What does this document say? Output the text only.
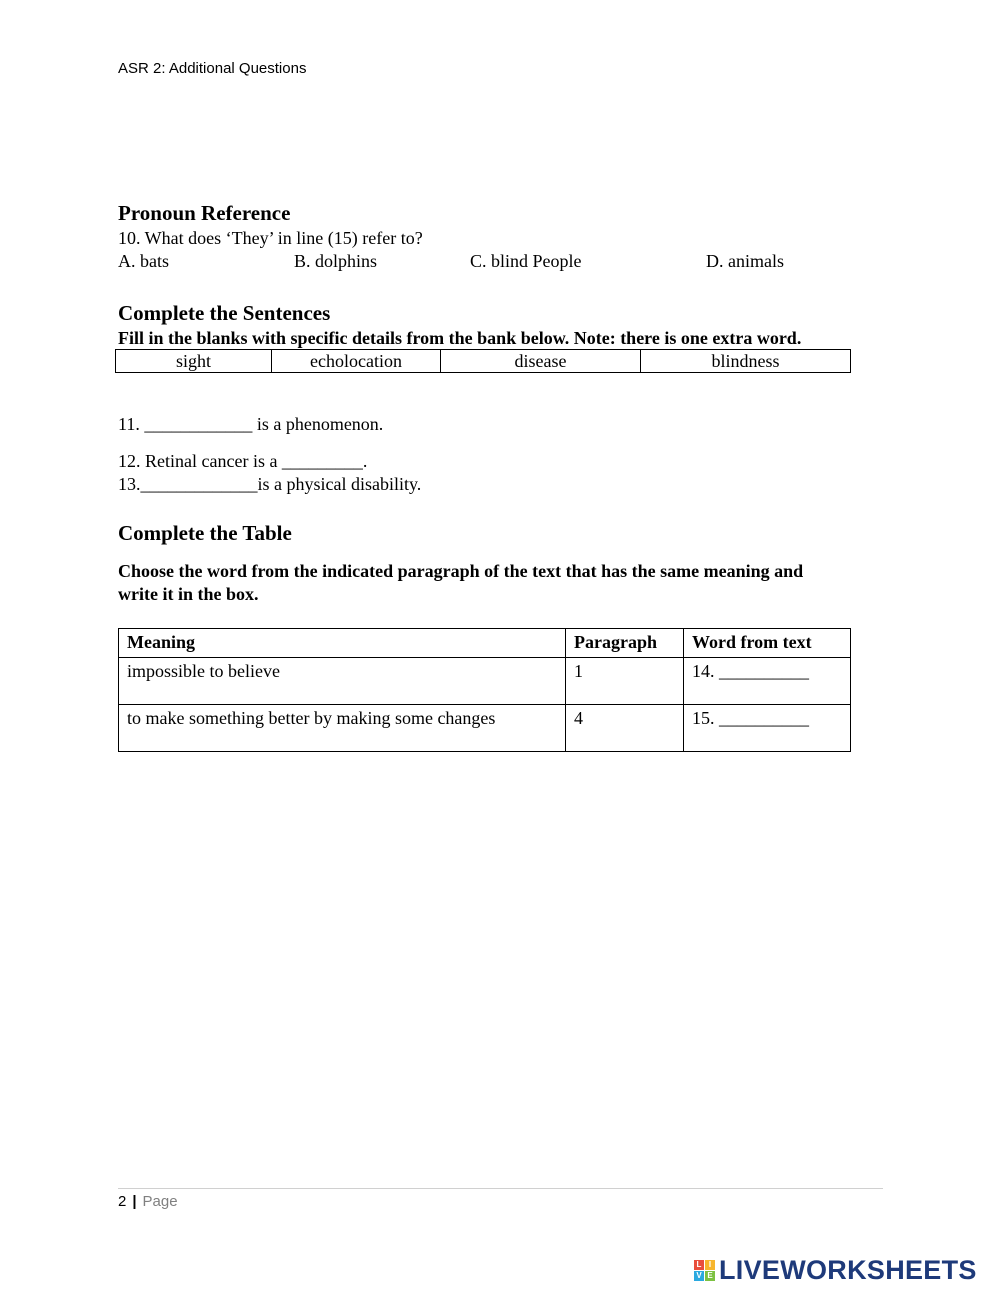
ASR 2: Additional Questions
Pronoun Reference
10. What does ‘They’ in line (15) refer to?
A. bats	B. dolphins	C. blind People	D. animals
Complete the Sentences
Fill in the blanks with specific details from the bank below. Note: there is one extra word.
sight	echolocation	disease	blindness
11. ____________ is a phenomenon.
12. Retinal cancer is a _________.
13._____________is a physical disability.
Complete the Table
Choose the word from the indicated paragraph of the text that has the same meaning and
write it in the box.
Meaning	Paragraph	Word from text
impossible to believe	1	14. __________
to make something better by making some changes	4	15. __________
2 | Page
L I
V E LIVEWORKSHEETS
